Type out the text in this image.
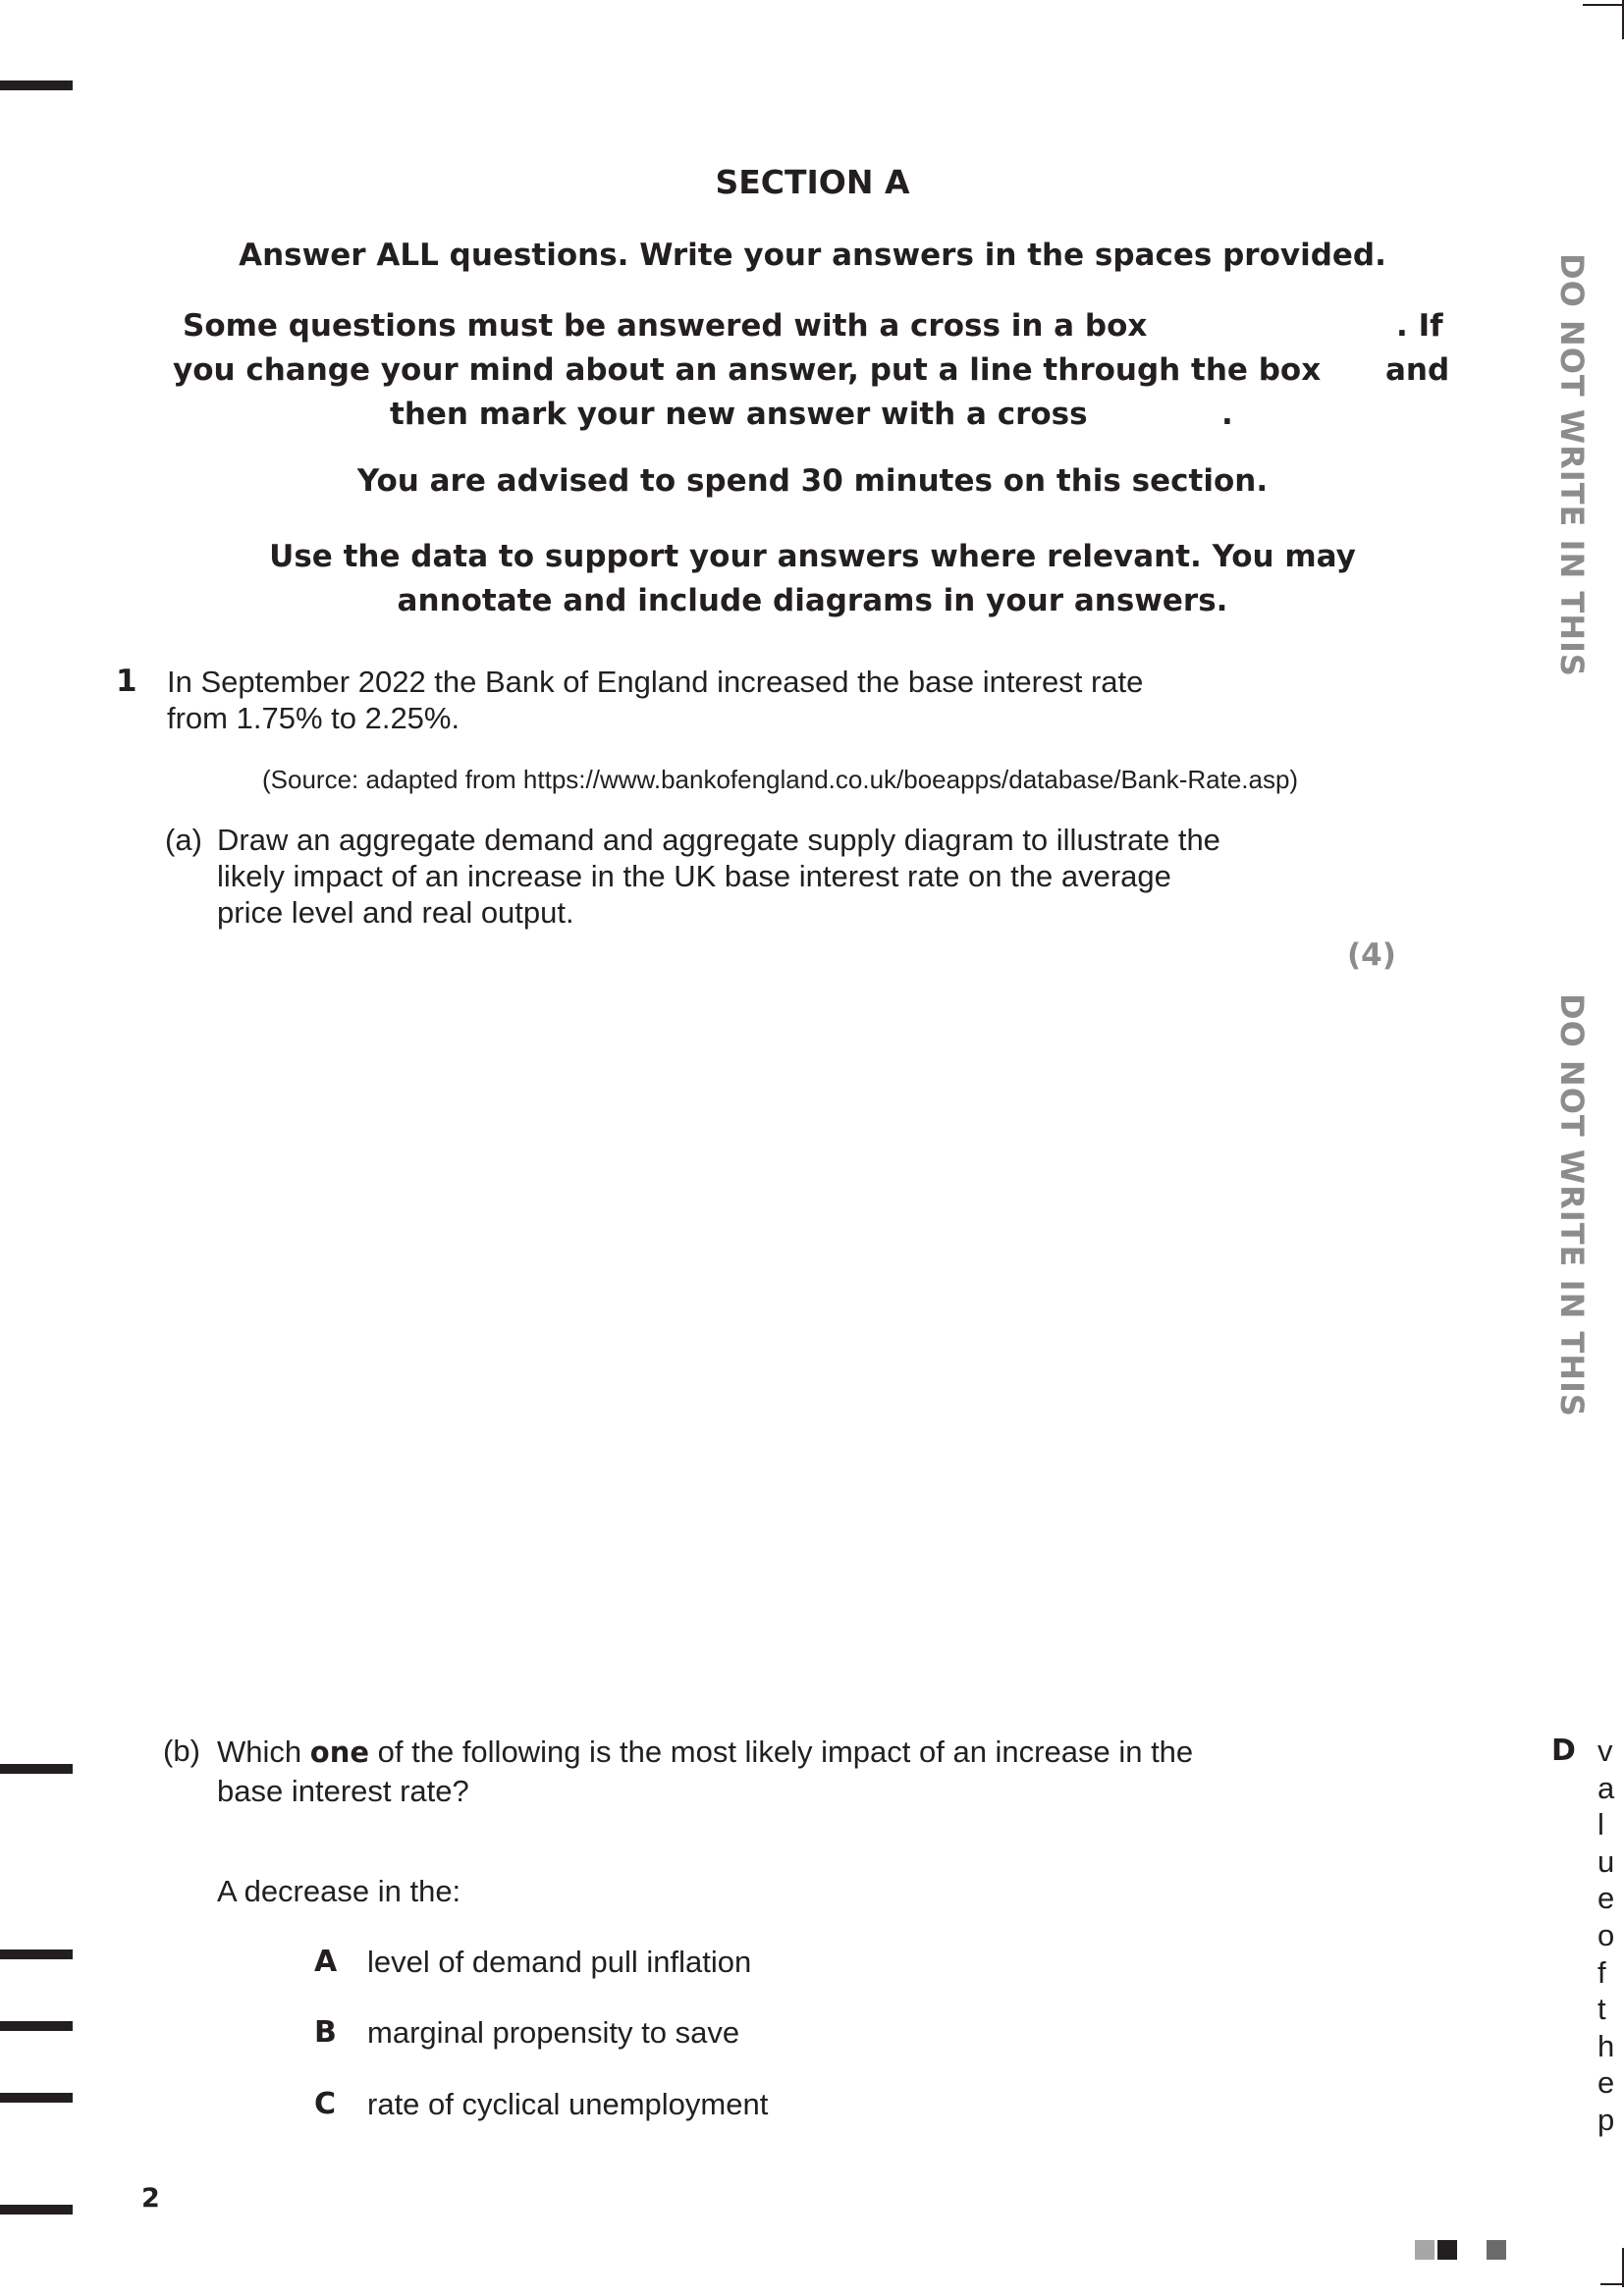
SECTION A
Answer ALL questions. Write your answers in the spaces provided.
Some questions must be answered with a cross in a box	. If
you change your mind about an answer, put a line through the box and
then mark your new answer with a cross	.
You are advised to spend 30 minutes on this section.
Use the data to support your answers where relevant. You may
annotate and include diagrams in your answers.
1 In September 2022 the Bank of England increased the base interest rate
from 1.75% to 2.25%.
(Source: adapted from https://www.bankofengland.co.uk/boeapps/database/Bank-Rate.asp)
(a) Draw an aggregate demand and aggregate supply diagram to illustrate the
likely impact of an increase in the UK base interest rate on the average
price level and real output.
(4)
(b) Which one of the following is the most likely impact of an increase in the
base interest rate?
A decrease in the:
A level of demand pull inflation
B marginal propensity to save
C rate of cyclical unemployment
D value of the p
DO NOT WRITE IN THIS
DO NOT WRITE IN THIS
2
